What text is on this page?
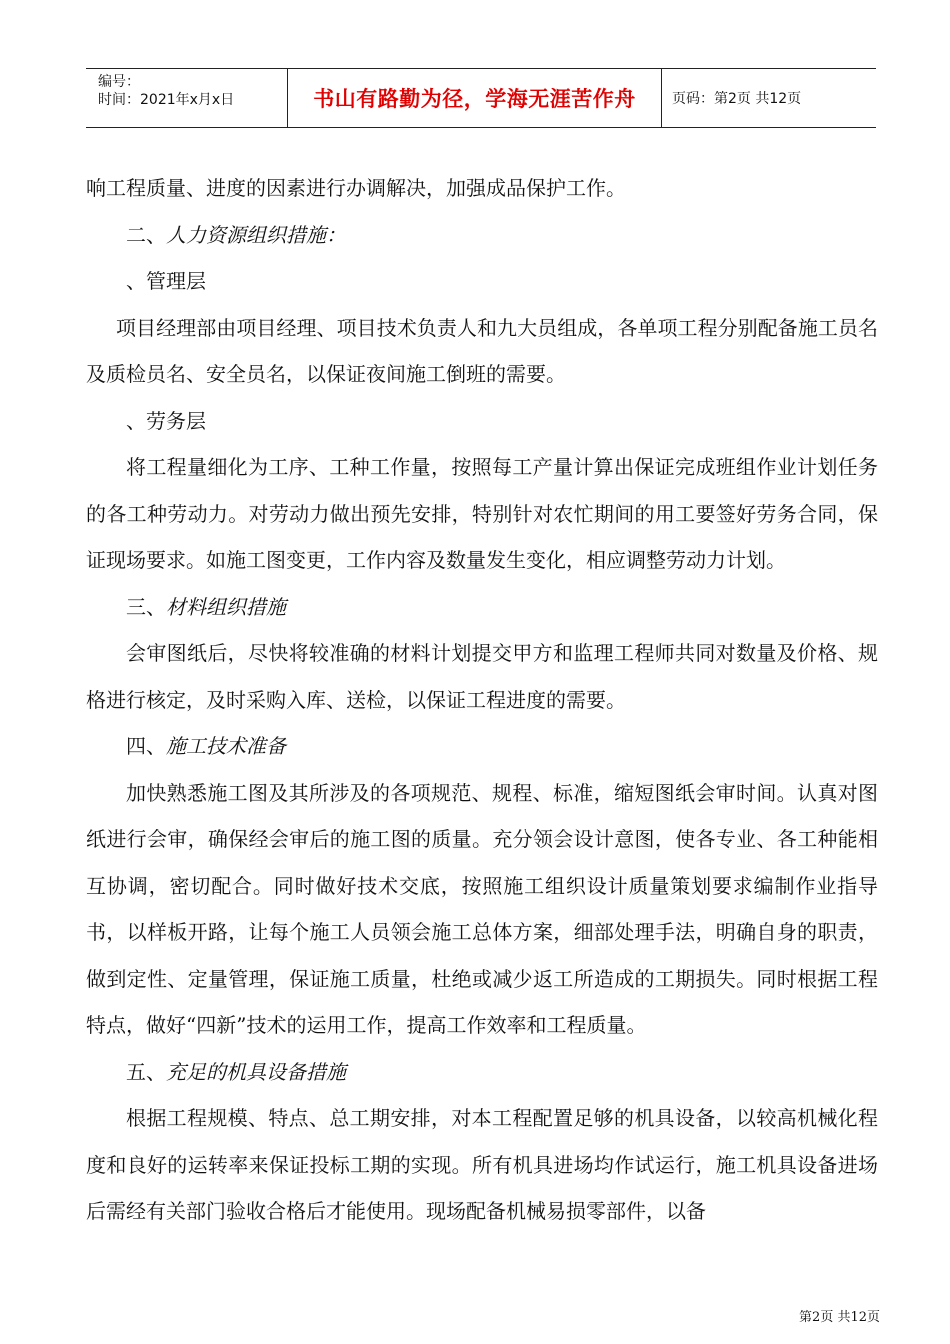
编号：
时间：2021年x月x日	书山有路勤为径，学海无涯苦作舟	页码：第2页 共12页

响工程质量、进度的因素进行办调解决，加强成品保护工作。

二、人力资源组织措施：

、管理层

项目经理部由项目经理、项目技术负责人和九大员组成，各单项工程分别配备施工员名及质检员名、安全员名，以保证夜间施工倒班的需要。

、劳务层

将工程量细化为工序、工种工作量，按照每工产量计算出保证完成班组作业计划任务的各工种劳动力。对劳动力做出预先安排，特别针对农忙期间的用工要签好劳务合同，保证现场要求。如施工图变更，工作内容及数量发生变化，相应调整劳动力计划。

三、材料组织措施

会审图纸后，尽快将较准确的材料计划提交甲方和监理工程师共同对数量及价格、规格进行核定，及时采购入库、送检，以保证工程进度的需要。

四、施工技术准备

加快熟悉施工图及其所涉及的各项规范、规程、标准，缩短图纸会审时间。认真对图纸进行会审，确保经会审后的施工图的质量。充分领会设计意图，使各专业、各工种能相互协调，密切配合。同时做好技术交底，按照施工组织设计质量策划要求编制作业指导书，以样板开路，让每个施工人员领会施工总体方案，细部处理手法，明确自身的职责，做到定性、定量管理，保证施工质量，杜绝或减少返工所造成的工期损失。同时根据工程特点，做好“四新”技术的运用工作，提高工作效率和工程质量。

五、充足的机具设备措施

根据工程规模、特点、总工期安排，对本工程配置足够的机具设备，以较高机械化程度和良好的运转率来保证投标工期的实现。所有机具进场均作试运行，施工机具设备进场后需经有关部门验收合格后才能使用。现场配备机械易损零部件，以备

第2页 共12页
